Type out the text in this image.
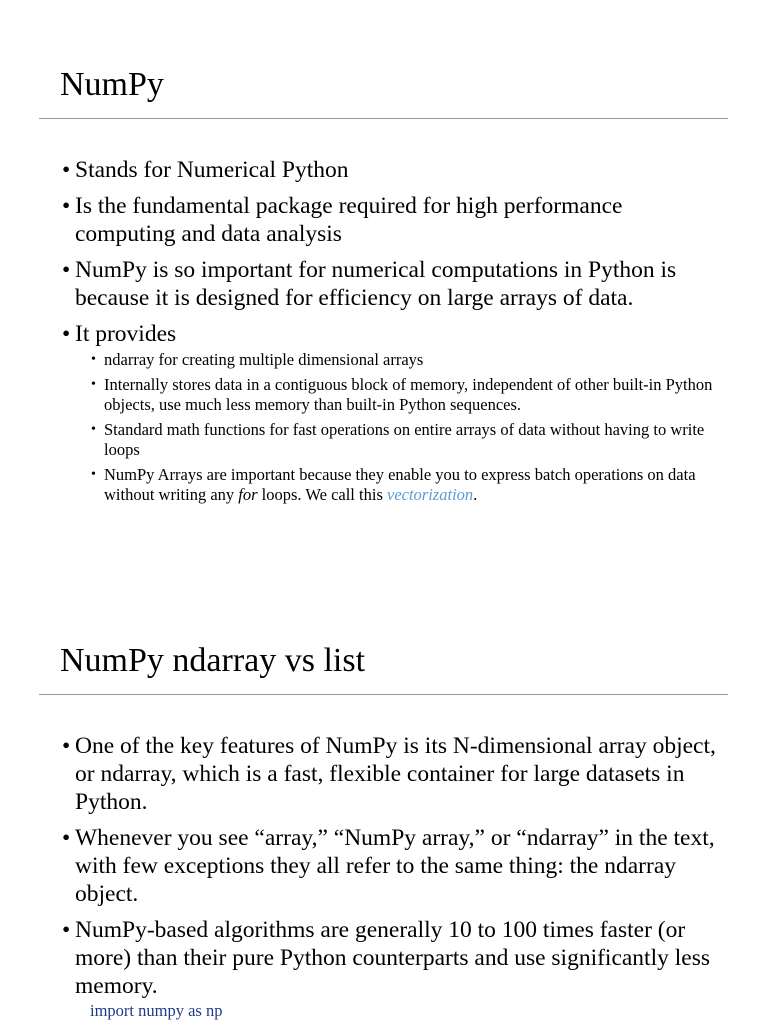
NumPy
• Stands for Numerical Python
• Is the fundamental package required for high performance computing and data analysis
• NumPy is so important for numerical computations in Python is because it is designed for efficiency on large arrays of data.
• It provides
• ndarray for creating multiple dimensional arrays
• Internally stores data in a contiguous block of memory, independent of other built-in Python objects, use much less memory than built-in Python sequences.
• Standard math functions for fast operations on entire arrays of data without having to write loops
• NumPy Arrays are important because they enable you to express batch operations on data without writing any for loops. We call this vectorization.
NumPy ndarray vs list
• One of the key features of NumPy is its N-dimensional array object, or ndarray, which is a fast, flexible container for large datasets in Python.
• Whenever you see “array,” “NumPy array,” or “ndarray” in the text, with few exceptions they all refer to the same thing: the ndarray object.
• NumPy-based algorithms are generally 10 to 100 times faster (or more) than their pure Python counterparts and use significantly less memory.
import numpy as np
